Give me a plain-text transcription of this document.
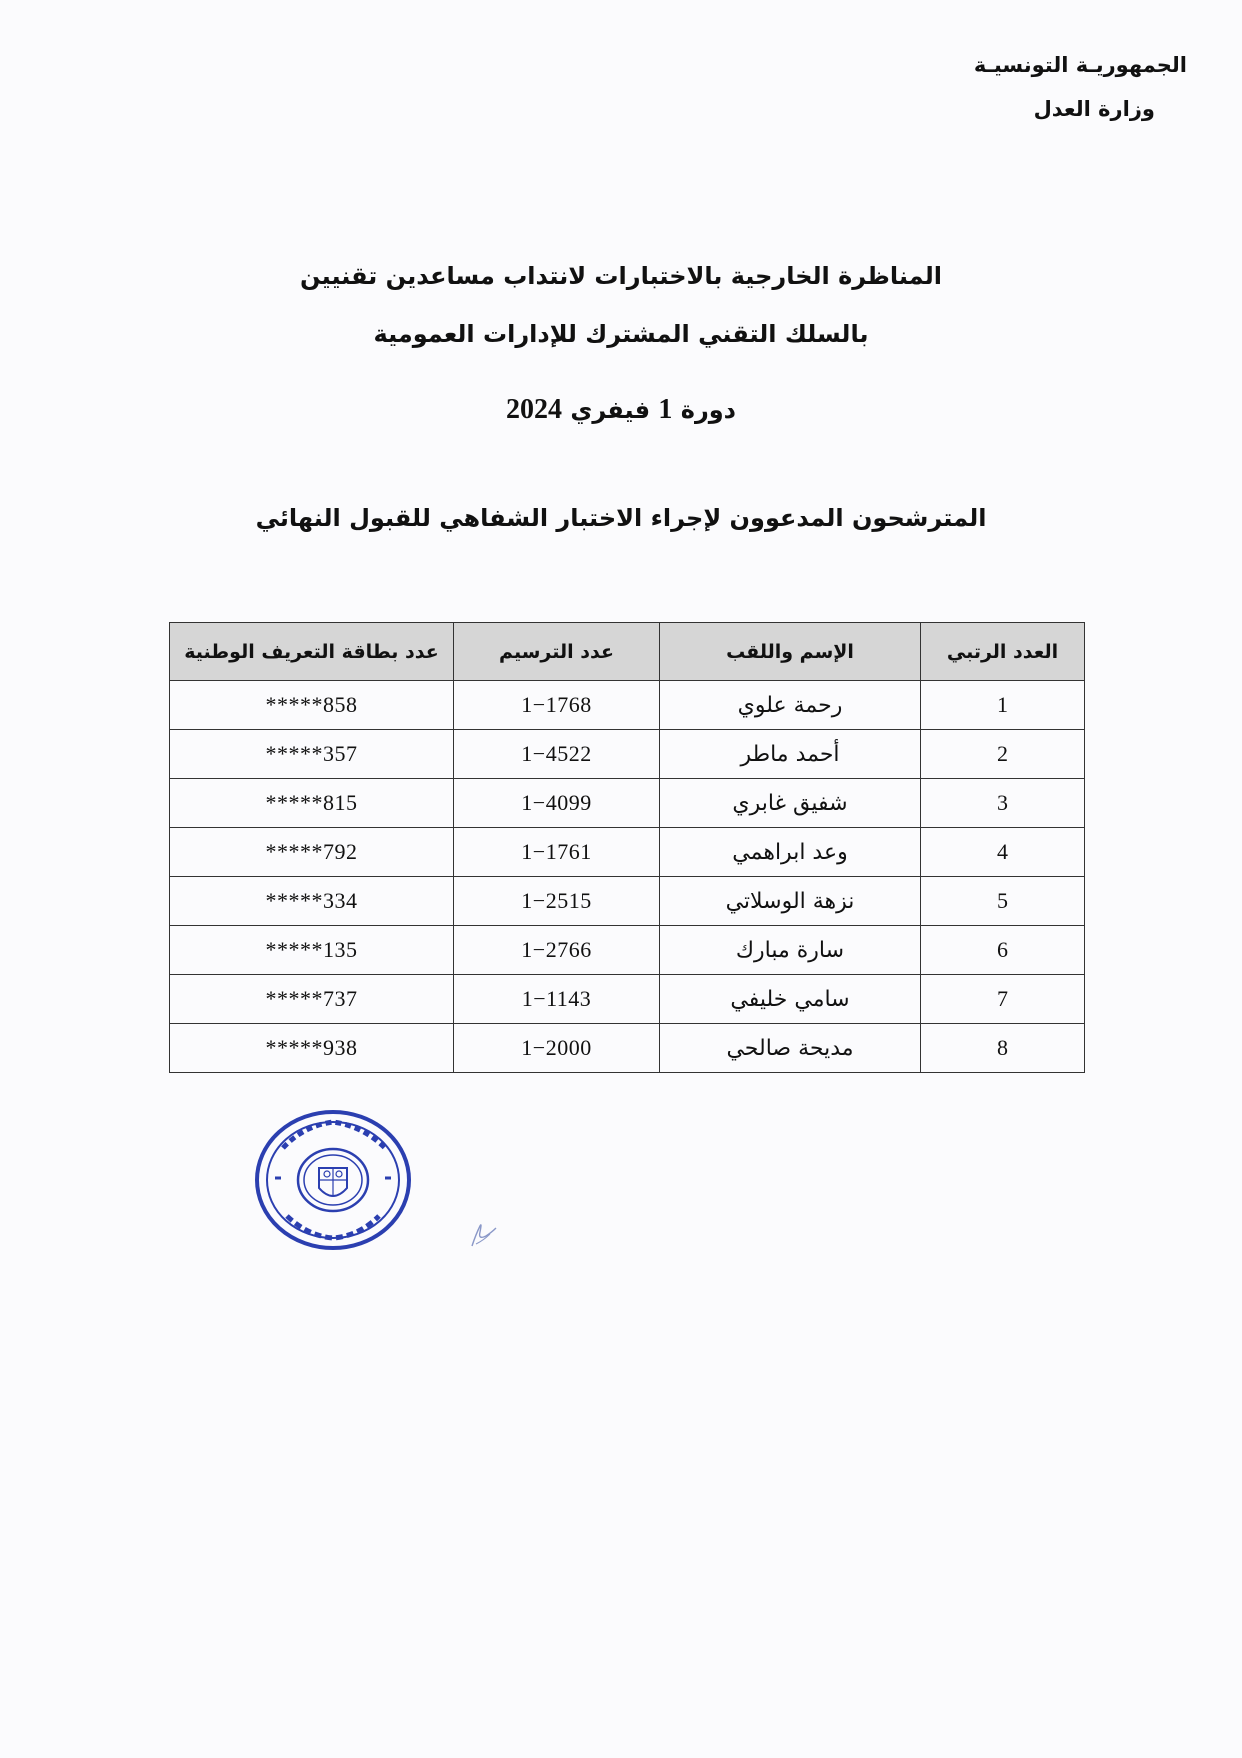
الجمهوريـة التونسيـة
وزارة العدل
المناظرة الخارجية بالاختبارات لانتداب مساعدين تقنيين
بالسلك التقني المشترك للإدارات العمومية
دورة 1 فيفري 2024
المترشحون المدعوون لإجراء الاختبار الشفاهي للقبول النهائي
العدد الرتبي	الإسم واللقب	عدد الترسيم	عدد بطاقة التعريف الوطنية
1	رحمة علوي	1−1768	*****858
2	أحمد ماطر	1−4522	*****357
3	شفيق غابري	1−4099	*****815
4	وعد ابراهمي	1−1761	*****792
5	نزهة الوسلاتي	1−2515	*****334
6	سارة مبارك	1−2766	*****135
7	سامي خليفي	1−1143	*****737
8	مديحة صالحي	1−2000	*****938
